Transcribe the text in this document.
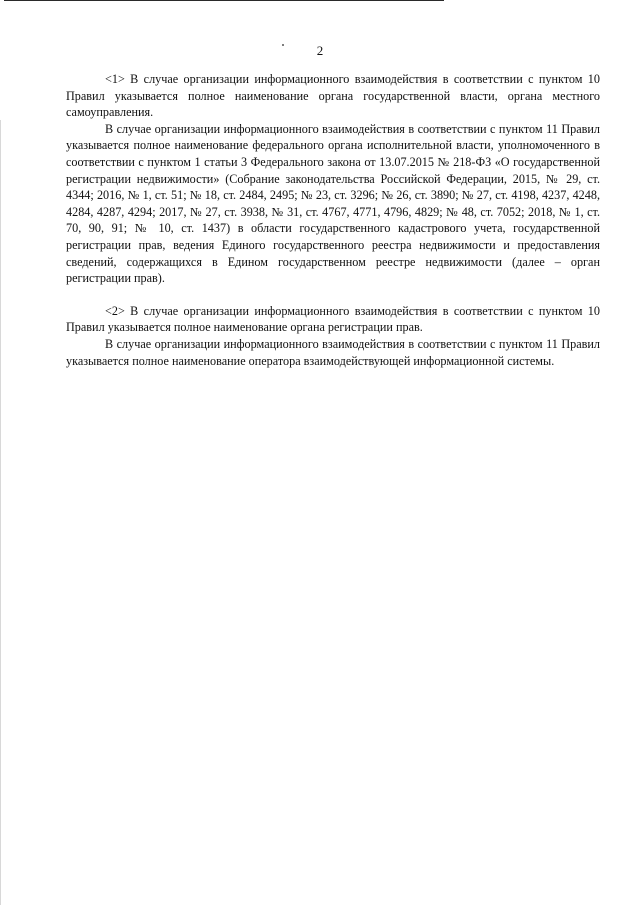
2

<1> В случае организации информационного взаимодействия в соответствии с пунктом 10 Правил указывается полное наименование органа государственной власти, органа местного самоуправления.

В случае организации информационного взаимодействия в соответствии с пунктом 11 Правил указывается полное наименование федерального органа исполнительной власти, уполномоченного в соответствии с пунктом 1 статьи 3 Федерального закона от 13.07.2015 № 218-ФЗ «О государственной регистрации недвижимости» (Собрание законодательства Российской Федерации, 2015, № 29, ст. 4344; 2016, № 1, ст. 51; № 18, ст. 2484, 2495; № 23, ст. 3296; № 26, ст. 3890; № 27, ст. 4198, 4237, 4248, 4284, 4287, 4294; 2017, № 27, ст. 3938, № 31, ст. 4767, 4771, 4796, 4829; № 48, ст. 7052; 2018, № 1, ст. 70, 90, 91; № 10, ст. 1437) в области государственного кадастрового учета, государственной регистрации прав, ведения Единого государственного реестра недвижимости и предоставления сведений, содержащихся в Едином государственном реестре недвижимости (далее – орган регистрации прав).

<2> В случае организации информационного взаимодействия в соответствии с пунктом 10 Правил указывается полное наименование органа регистрации прав.

В случае организации информационного взаимодействия в соответствии с пунктом 11 Правил указывается полное наименование оператора взаимодействующей информационной системы.
